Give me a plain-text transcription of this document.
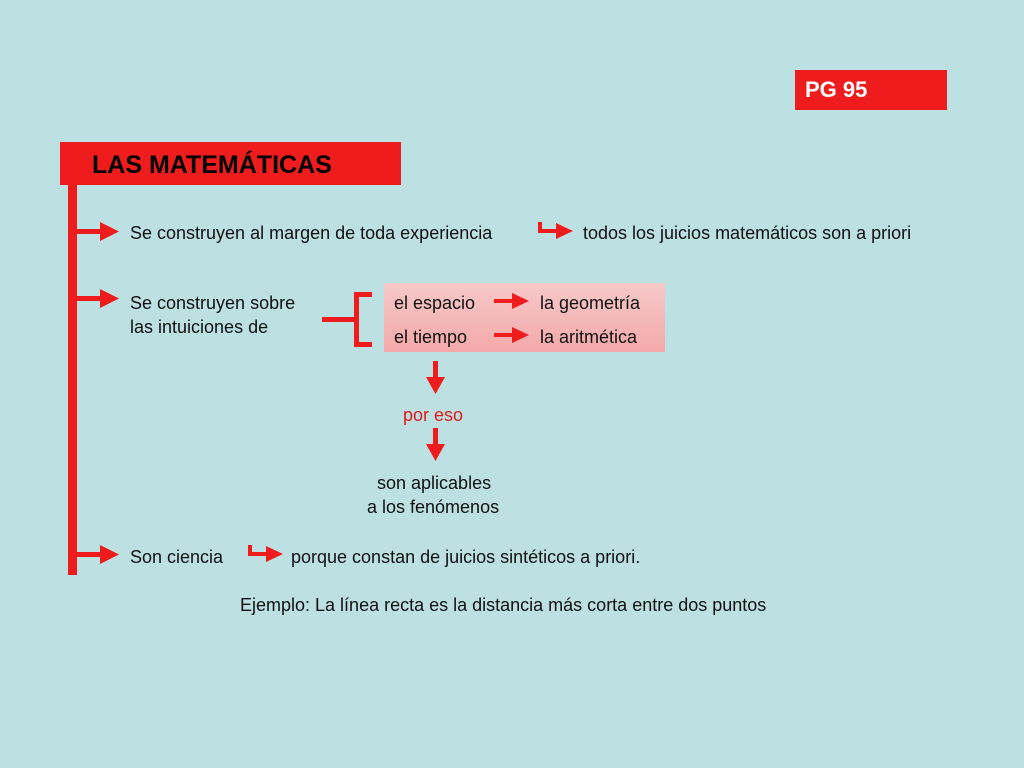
PG 95
LAS MATEMÁTICAS
Se construyen al margen de toda experiencia	todos los juicios matemáticos son a priori
Se construyen sobre
las intuiciones de
el espacio	la geometría
el tiempo	la aritmética
por eso
son aplicables
a los fenómenos
Son ciencia	porque constan de juicios sintéticos a priori.
Ejemplo: La línea recta es la distancia más corta entre dos puntos
